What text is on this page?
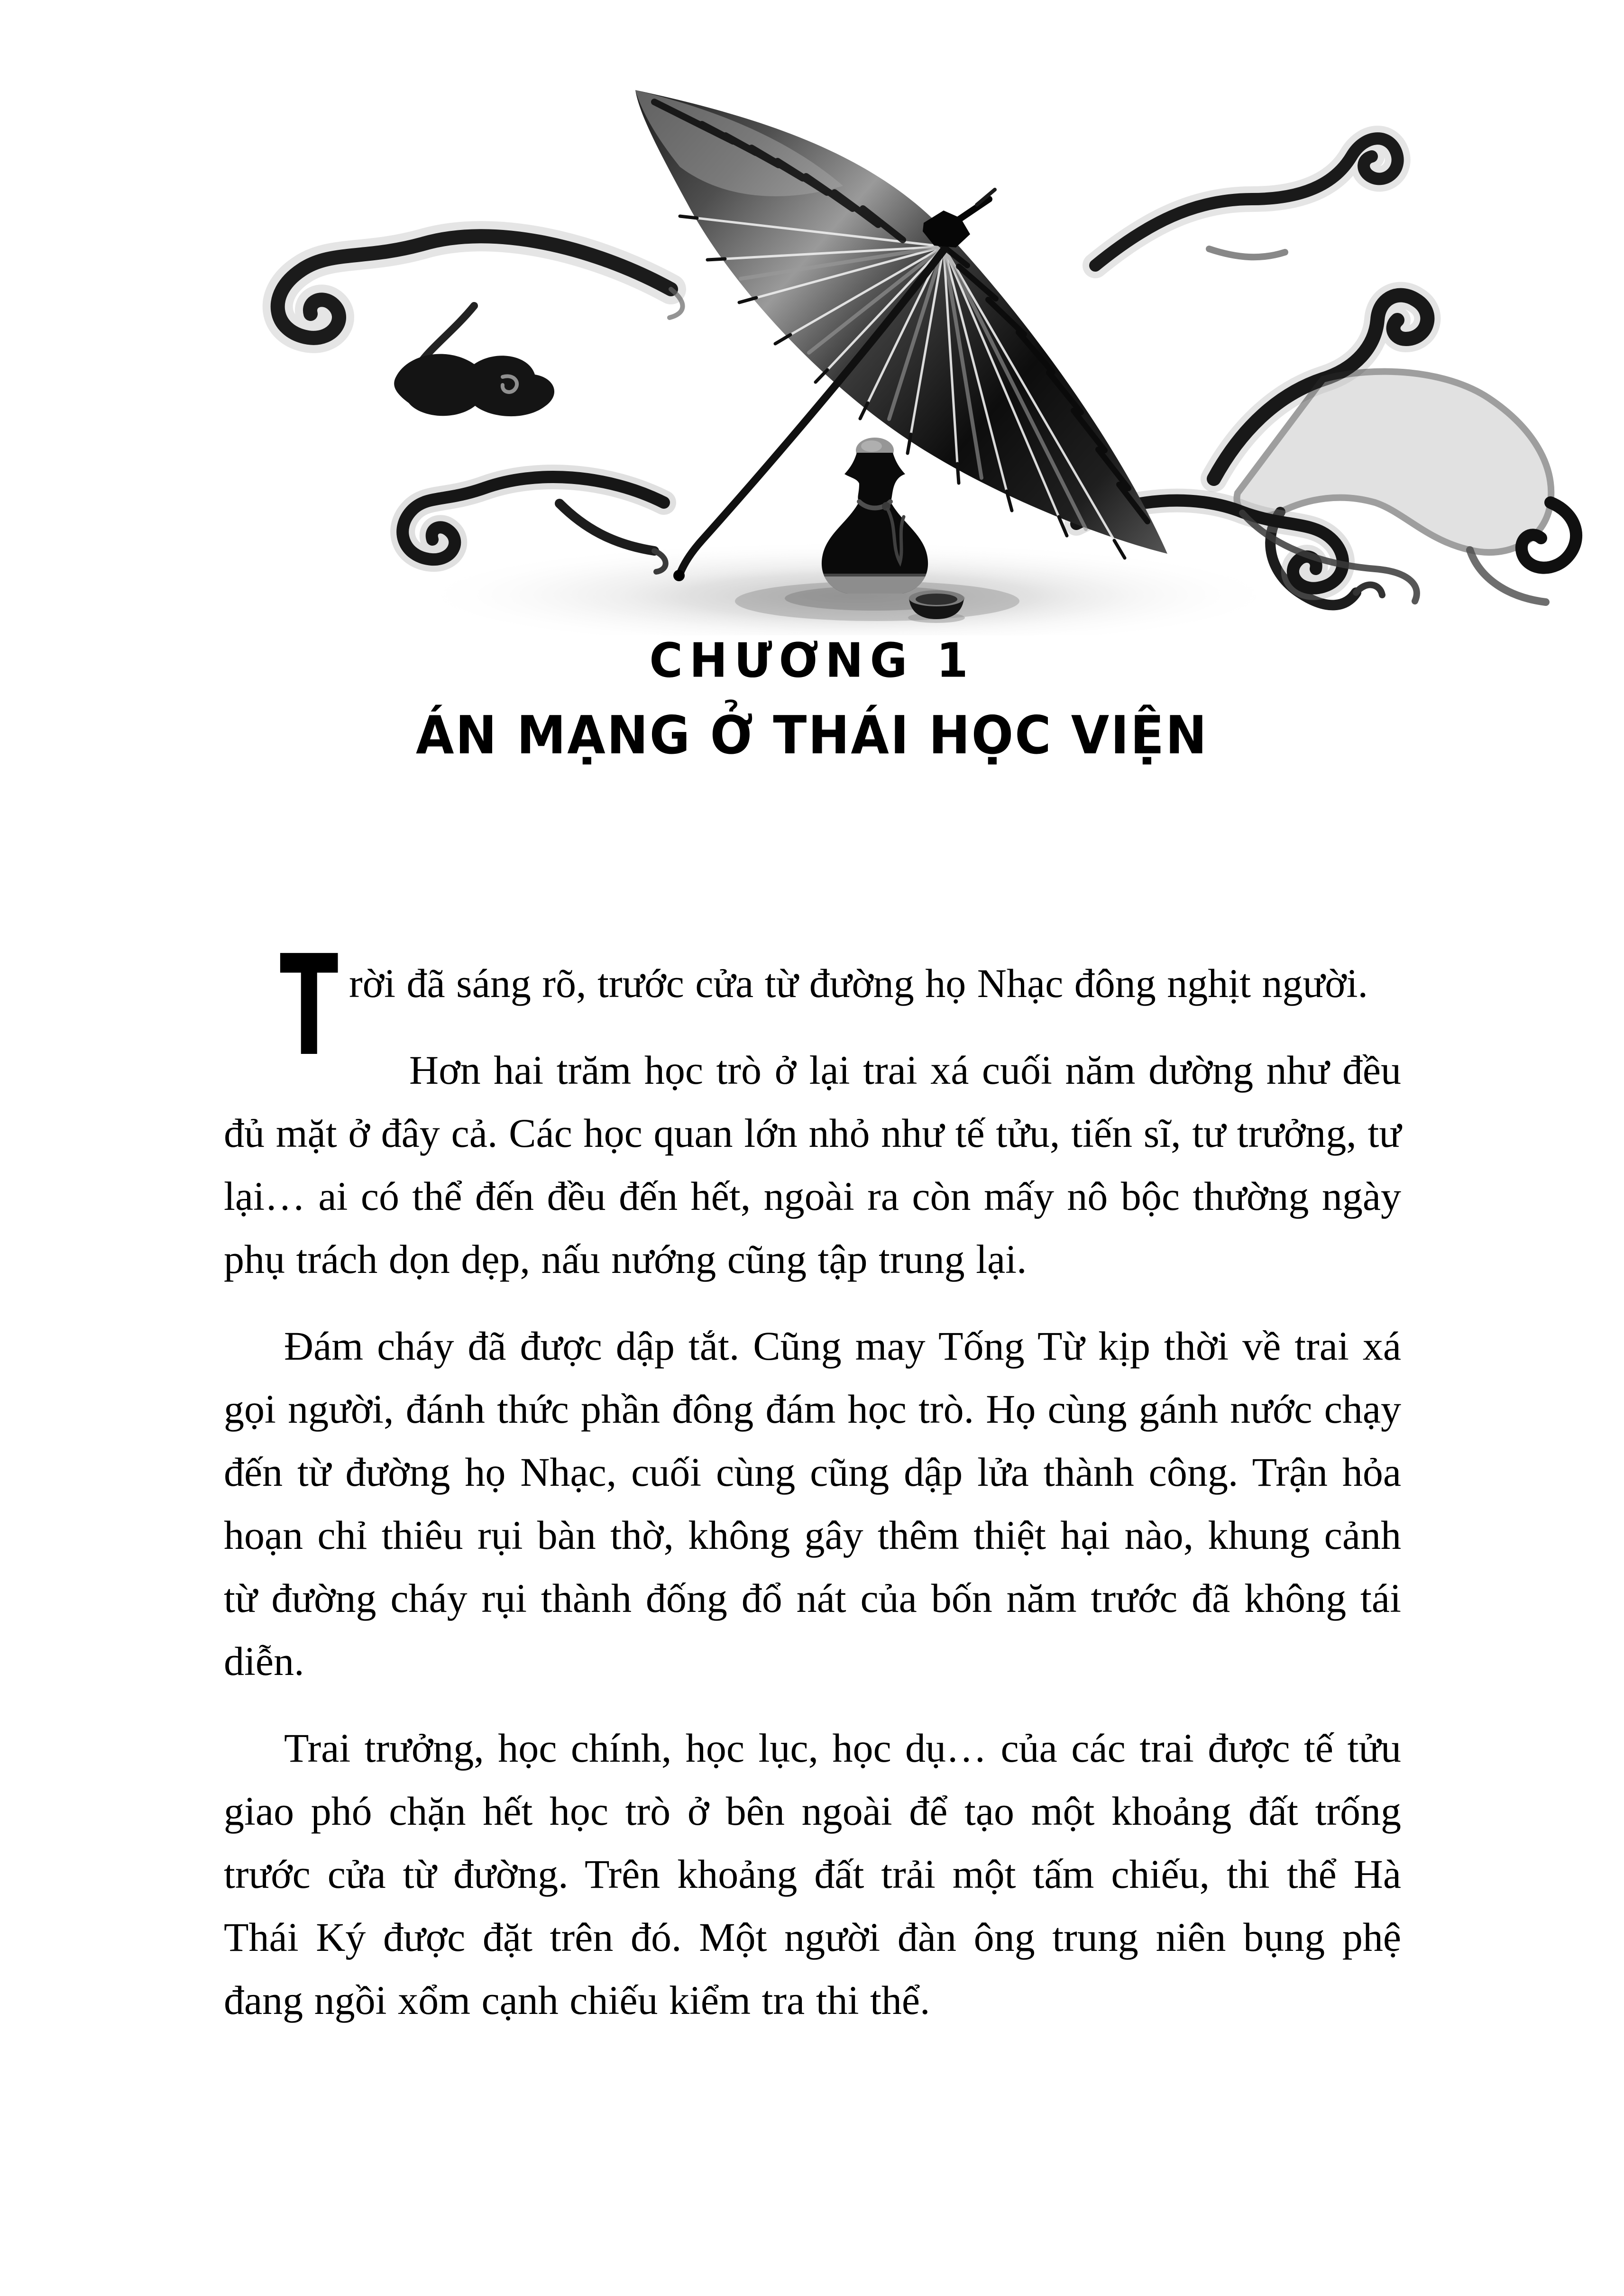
CHƯƠNG 1
ÁN MẠNG Ở THÁI HỌC VIỆN

T rời đã sáng rõ, trước cửa từ đường họ Nhạc đông nghịt người.

Hơn hai trăm học trò ở lại trai xá cuối năm dường như đều đủ mặt ở đây cả. Các học quan lớn nhỏ như tế tửu, tiến sĩ, tư trưởng, tư lại… ai có thể đến đều đến hết, ngoài ra còn mấy nô bộc thường ngày phụ trách dọn dẹp, nấu nướng cũng tập trung lại.

Đám cháy đã được dập tắt. Cũng may Tống Từ kịp thời về trai xá gọi người, đánh thức phần đông đám học trò. Họ cùng gánh nước chạy đến từ đường họ Nhạc, cuối cùng cũng dập lửa thành công. Trận hỏa hoạn chỉ thiêu rụi bàn thờ, không gây thêm thiệt hại nào, khung cảnh từ đường cháy rụi thành đống đổ nát của bốn năm trước đã không tái diễn.

Trai trưởng, học chính, học lục, học dụ… của các trai được tế tửu giao phó chặn hết học trò ở bên ngoài để tạo một khoảng đất trống trước cửa từ đường. Trên khoảng đất trải một tấm chiếu, thi thể Hà Thái Ký được đặt trên đó. Một người đàn ông trung niên bụng phệ đang ngồi xổm cạnh chiếu kiểm tra thi thể.
